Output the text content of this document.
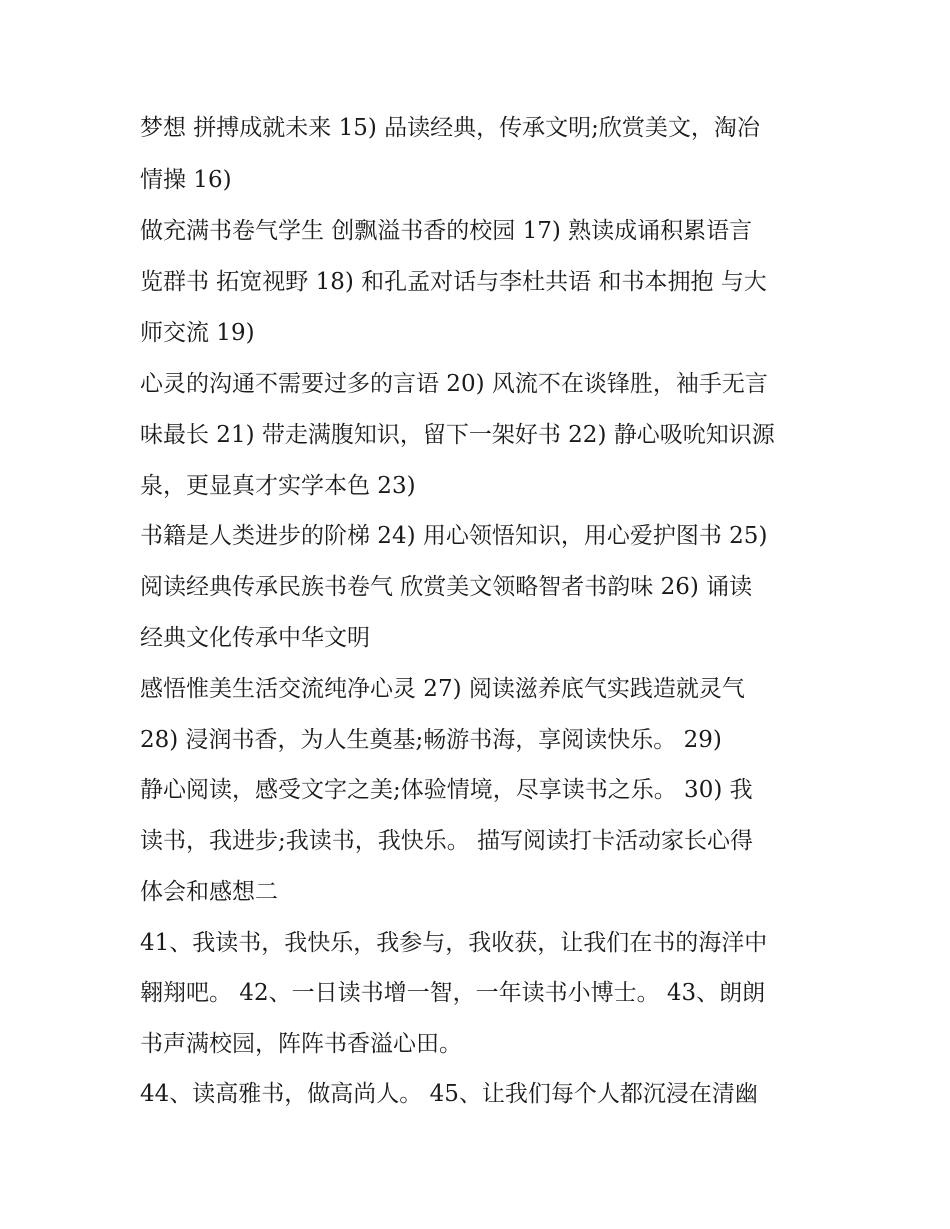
梦想 拼搏成就未来 15) 品读经典，传承文明;欣赏美文，淘冶
情操 16)
做充满书卷气学生 创飘溢书香的校园 17) 熟读成诵积累语言
览群书 拓宽视野 18) 和孔孟对话与李杜共语 和书本拥抱 与大
师交流 19)
心灵的沟通不需要过多的言语 20) 风流不在谈锋胜，袖手无言
味最长 21) 带走满腹知识，留下一架好书 22) 静心吸吮知识源
泉，更显真才实学本色 23)
书籍是人类进步的阶梯 24) 用心领悟知识，用心爱护图书 25)
阅读经典传承民族书卷气 欣赏美文领略智者书韵味 26) 诵读
经典文化传承中华文明
感悟惟美生活交流纯净心灵 27) 阅读滋养底气实践造就灵气
28) 浸润书香，为人生奠基;畅游书海，享阅读快乐。 29)
静心阅读，感受文字之美;体验情境，尽享读书之乐。 30) 我
读书，我进步;我读书，我快乐。 描写阅读打卡活动家长心得
体会和感想二
41、我读书，我快乐，我参与，我收获，让我们在书的海洋中
翱翔吧。 42、一日读书增一智，一年读书小博士。 43、朗朗
书声满校园，阵阵书香溢心田。
44、读高雅书，做高尚人。 45、让我们每个人都沉浸在清幽
